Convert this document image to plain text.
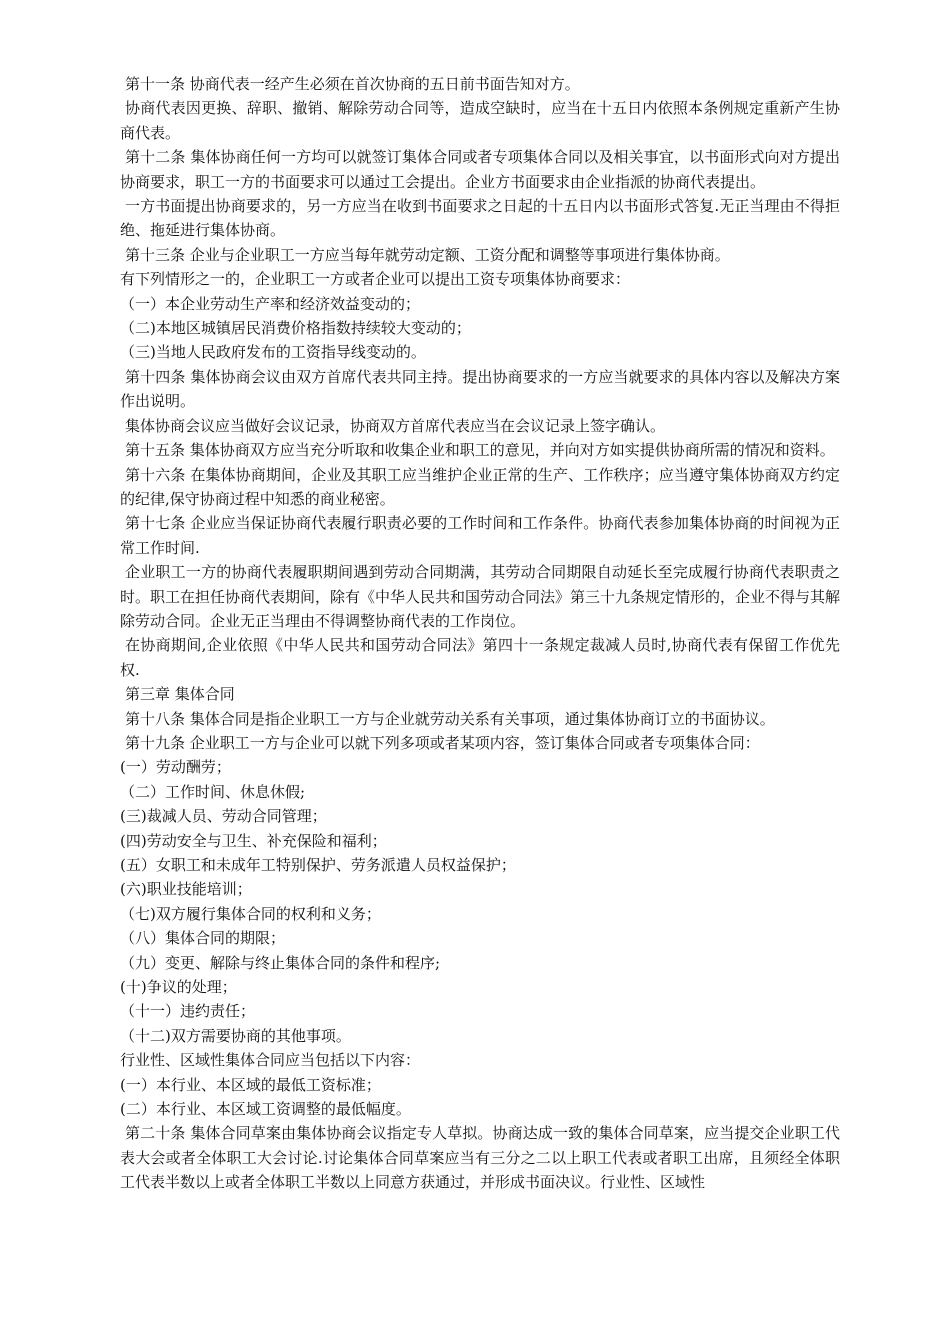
第十一条 协商代表一经产生必须在首次协商的五日前书面告知对方。

协商代表因更换、辞职、撤销、解除劳动合同等，造成空缺时，应当在十五日内依照本条例规定重新产生协商代表。

第十二条 集体协商任何一方均可以就签订集体合同或者专项集体合同以及相关事宜，以书面形式向对方提出协商要求，职工一方的书面要求可以通过工会提出。企业方书面要求由企业指派的协商代表提出。

一方书面提出协商要求的，另一方应当在收到书面要求之日起的十五日内以书面形式答复.无正当理由不得拒绝、拖延进行集体协商。

第十三条 企业与企业职工一方应当每年就劳动定额、工资分配和调整等事项进行集体协商。

有下列情形之一的，企业职工一方或者企业可以提出工资专项集体协商要求：

（一）本企业劳动生产率和经济效益变动的；

（二)本地区城镇居民消费价格指数持续较大变动的；

（三)当地人民政府发布的工资指导线变动的。

第十四条 集体协商会议由双方首席代表共同主持。提出协商要求的一方应当就要求的具体内容以及解决方案作出说明。

集体协商会议应当做好会议记录，协商双方首席代表应当在会议记录上签字确认。

第十五条 集体协商双方应当充分听取和收集企业和职工的意见，并向对方如实提供协商所需的情况和资料。

第十六条 在集体协商期间，企业及其职工应当维护企业正常的生产、工作秩序；应当遵守集体协商双方约定的纪律,保守协商过程中知悉的商业秘密。

第十七条 企业应当保证协商代表履行职责必要的工作时间和工作条件。协商代表参加集体协商的时间视为正常工作时间.

企业职工一方的协商代表履职期间遇到劳动合同期满，其劳动合同期限自动延长至完成履行协商代表职责之时。职工在担任协商代表期间，除有《中华人民共和国劳动合同法》第三十九条规定情形的，企业不得与其解除劳动合同。企业无正当理由不得调整协商代表的工作岗位。

在协商期间,企业依照《中华人民共和国劳动合同法》第四十一条规定裁减人员时,协商代表有保留工作优先权.

第三章 集体合同

第十八条 集体合同是指企业职工一方与企业就劳动关系有关事项，通过集体协商订立的书面协议。

第十九条 企业职工一方与企业可以就下列多项或者某项内容，签订集体合同或者专项集体合同：

(一）劳动酬劳；

（二）工作时间、休息休假;

(三)裁减人员、劳动合同管理；

(四)劳动安全与卫生、补充保险和福利；

(五）女职工和未成年工特别保护、劳务派遣人员权益保护；

(六)职业技能培训；

（七)双方履行集体合同的权利和义务；

（八）集体合同的期限；

（九）变更、解除与终止集体合同的条件和程序;

(十)争议的处理；

（十一）违约责任；

（十二)双方需要协商的其他事项。

行业性、区域性集体合同应当包括以下内容：

(一）本行业、本区域的最低工资标准；

(二）本行业、本区域工资调整的最低幅度。

第二十条 集体合同草案由集体协商会议指定专人草拟。协商达成一致的集体合同草案，应当提交企业职工代表大会或者全体职工大会讨论.讨论集体合同草案应当有三分之二以上职工代表或者职工出席，且须经全体职工代表半数以上或者全体职工半数以上同意方获通过，并形成书面决议。行业性、区域性
